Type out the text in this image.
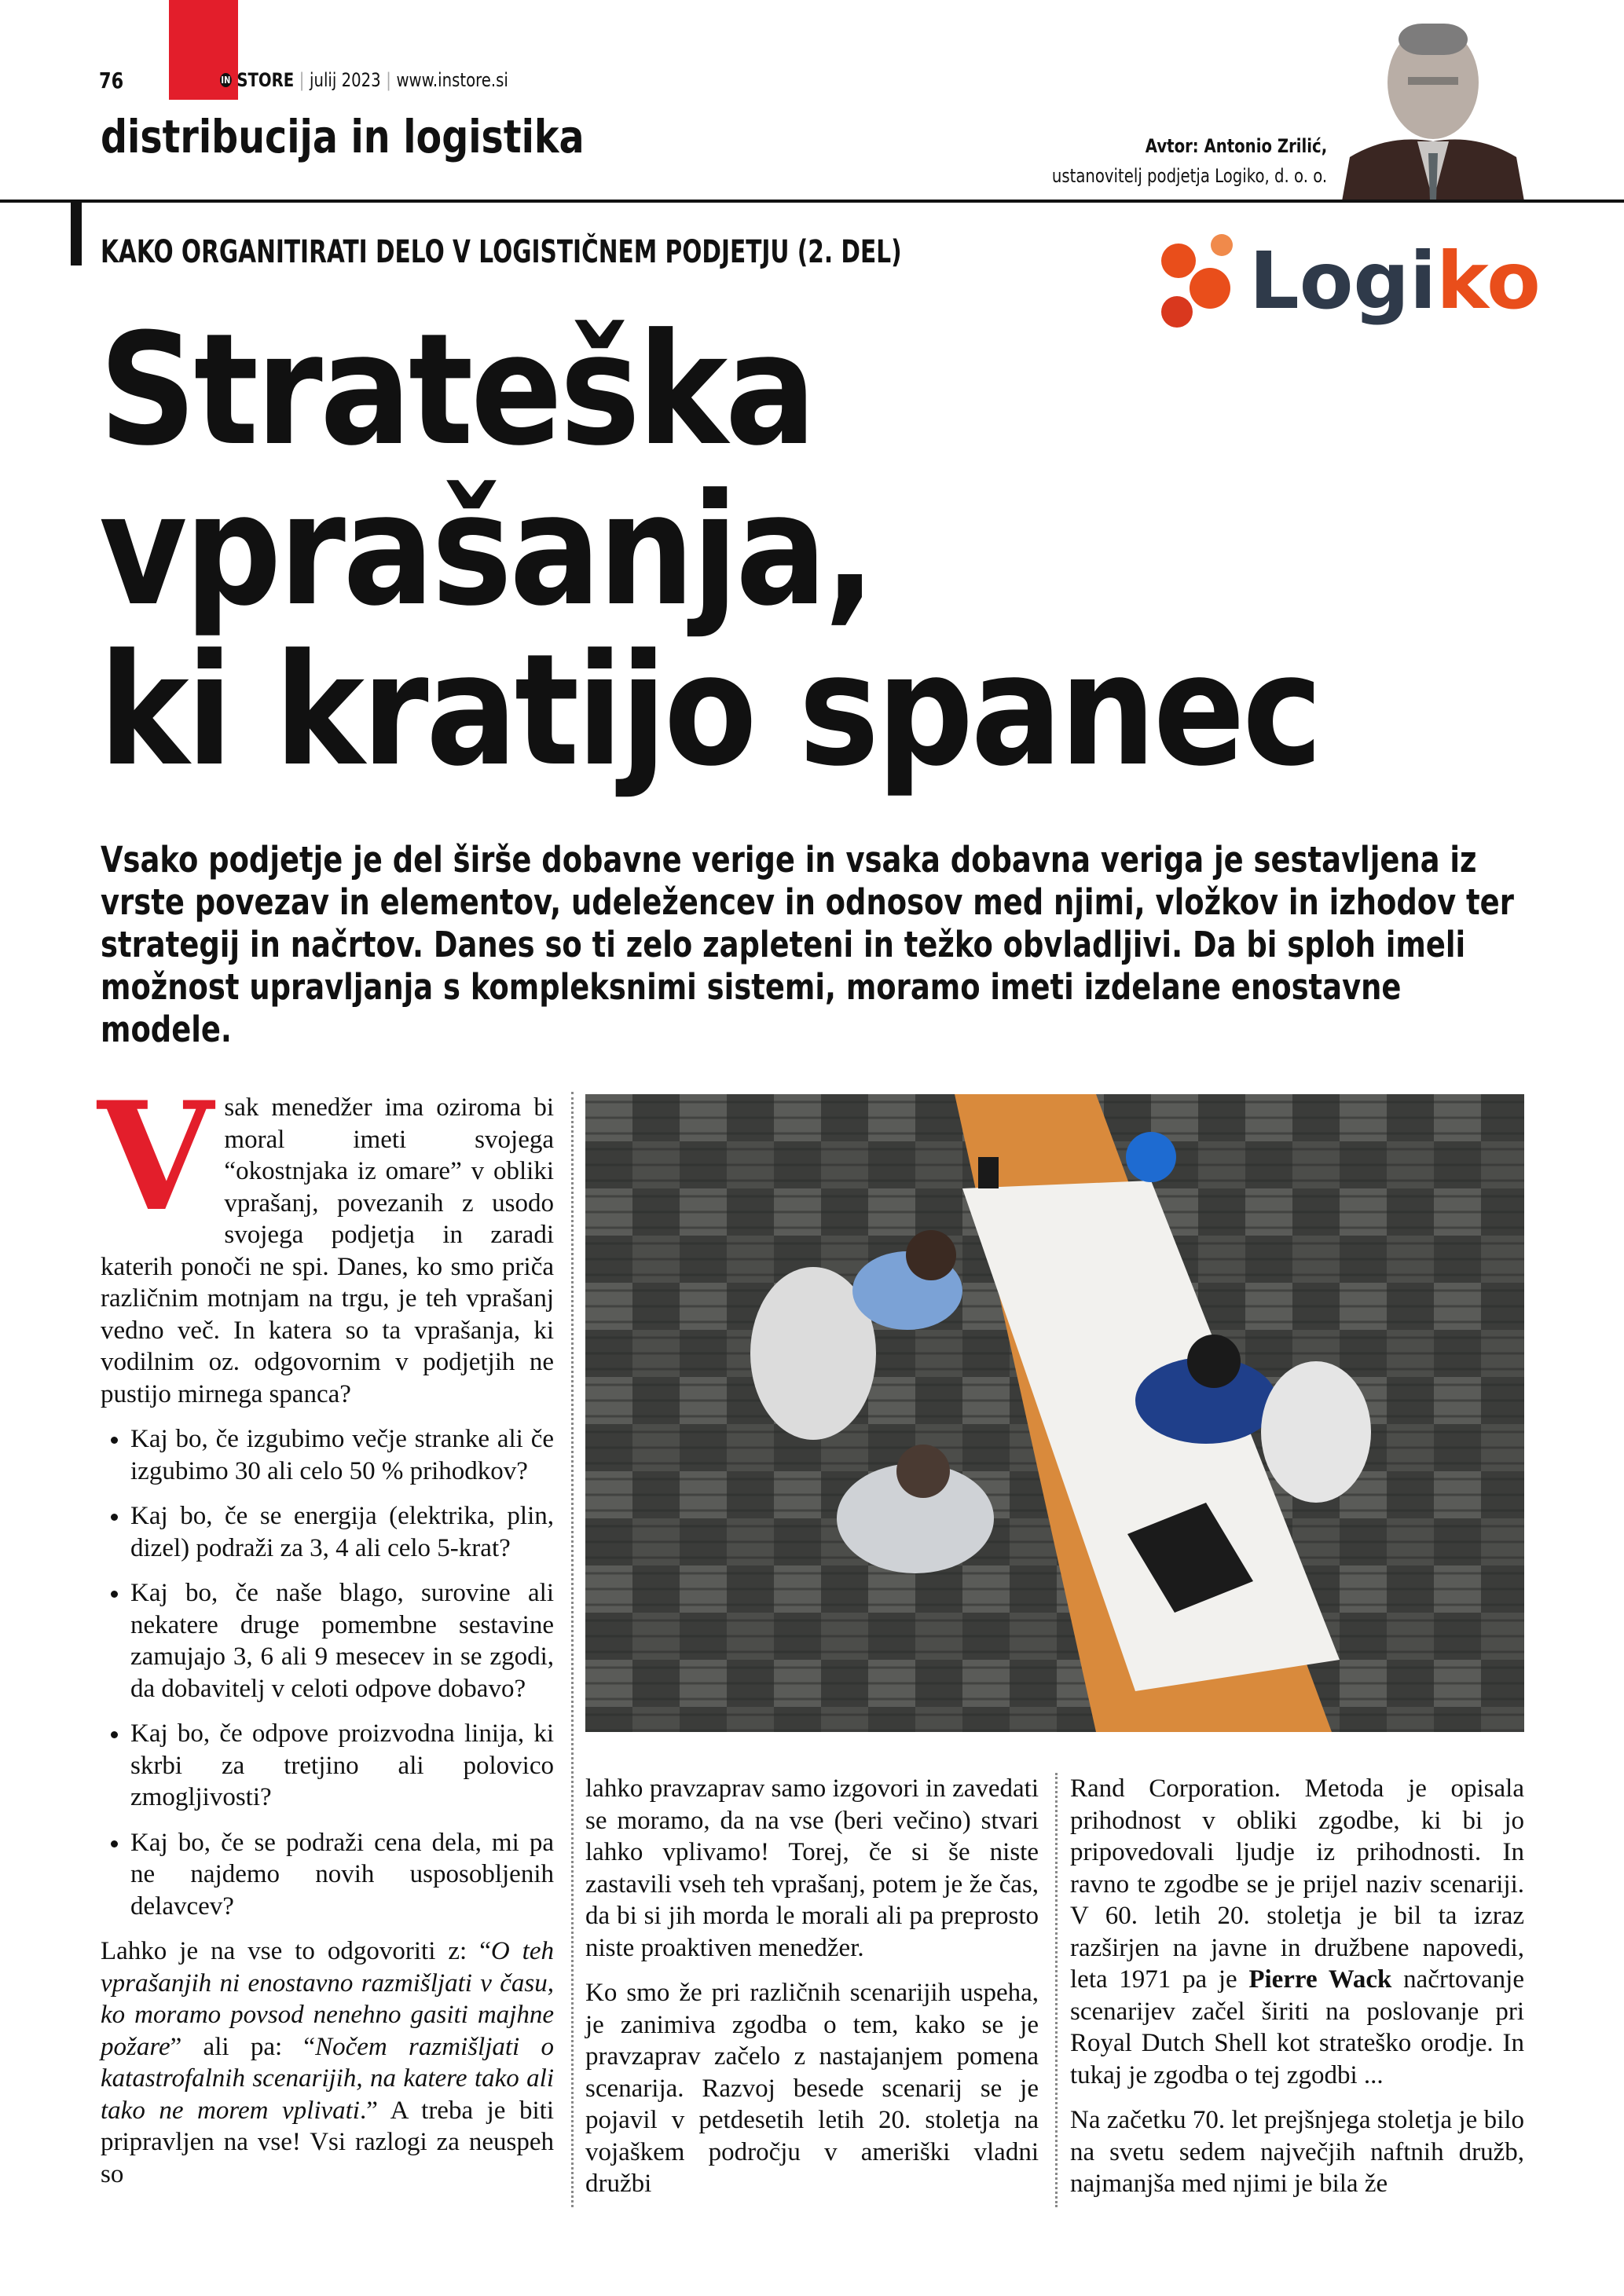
76	IN STORE | julij 2023 | www.instore.si
distribucija in logistika	Avtor: Antonio Zrilić,
ustanovitelj podjetja Logiko, d. o. o.
KAKO ORGANITIRATI DELO V LOGISTIČNEM PODJETJU (2. DEL)	Logiko
Strateška
vprašanja,
ki kratijo spanec
Vsako podjetje je del širše dobavne verige in vsaka dobavna veriga je sestavljena iz vrste povezav in elementov, udeležencev in odnosov med njimi, vložkov in izhodov ter strategij in načrtov. Danes so ti zelo zapleteni in težko obvladljivi. Da bi sploh imeli možnost upravljanja s kompleksnimi sistemi, moramo imeti izdelane enostavne modele.

Vsak menedžer ima oziroma bi moral imeti svojega “okostnjaka iz omare” v obliki vprašanj, povezanih z usodo svojega podjetja in zaradi katerih ponoči ne spi. Danes, ko smo priča različnim motnjam na trgu, je teh vprašanj vedno več. In katera so ta vprašanja, ki vodilnim oz. odgovornim v podjetjih ne pustijo mirnega spanca?

• Kaj bo, če izgubimo večje stranke ali če izgubimo 30 ali celo 50 % prihodkov?
• Kaj bo, če se energija (elektrika, plin, dizel) podraži za 3, 4 ali celo 5-krat?
• Kaj bo, če naše blago, surovine ali nekatere druge pomembne sestavine zamujajo 3, 6 ali 9 mesecev in se zgodi, da dobavitelj v celoti odpove dobavo?
• Kaj bo, če odpove proizvodna linija, ki skrbi za tretjino ali polovico zmogljivosti?
• Kaj bo, če se podraži cena dela, mi pa ne najdemo novih usposobljenih delavcev?

Lahko je na vse to odgovoriti z: “O teh vprašanjih ni enostavno razmišljati v času, ko moramo povsod nenehno gasiti majhne požare” ali pa: “Nočem razmišljati o katastrofalnih scenarijih, na katere tako ali tako ne morem vplivati.” A treba je biti pripravljen na vse! Vsi razlogi za neuspeh so

lahko pravzaprav samo izgovori in zavedati se moramo, da na vse (beri večino) stvari lahko vplivamo! Torej, če si še niste zastavili vseh teh vprašanj, potem je že čas, da bi si jih morda le morali ali pa preprosto niste proaktiven menedžer.

Ko smo že pri različnih scenarijih uspeha, je zanimiva zgodba o tem, kako se je pravzaprav začelo z nastajanjem pomena scenarija. Razvoj besede scenarij se je pojavil v petdesetih letih 20. stoletja na vojaškem področju v ameriški vladni družbi

Rand Corporation. Metoda je opisala prihodnost v obliki zgodbe, ki bi jo pripovedovali ljudje iz prihodnosti. In ravno te zgodbe se je prijel naziv scenariji. V 60. letih 20. stoletja je bil ta izraz razširjen na javne in družbene napovedi, leta 1971 pa je Pierre Wack načrtovanje scenarijev začel širiti na poslovanje pri Royal Dutch Shell kot strateško orodje. In tukaj je zgodba o tej zgodbi ...

Na začetku 70. let prejšnjega stoletja je bilo na svetu sedem največjih naftnih družb, najmanjša med njimi je bila že
